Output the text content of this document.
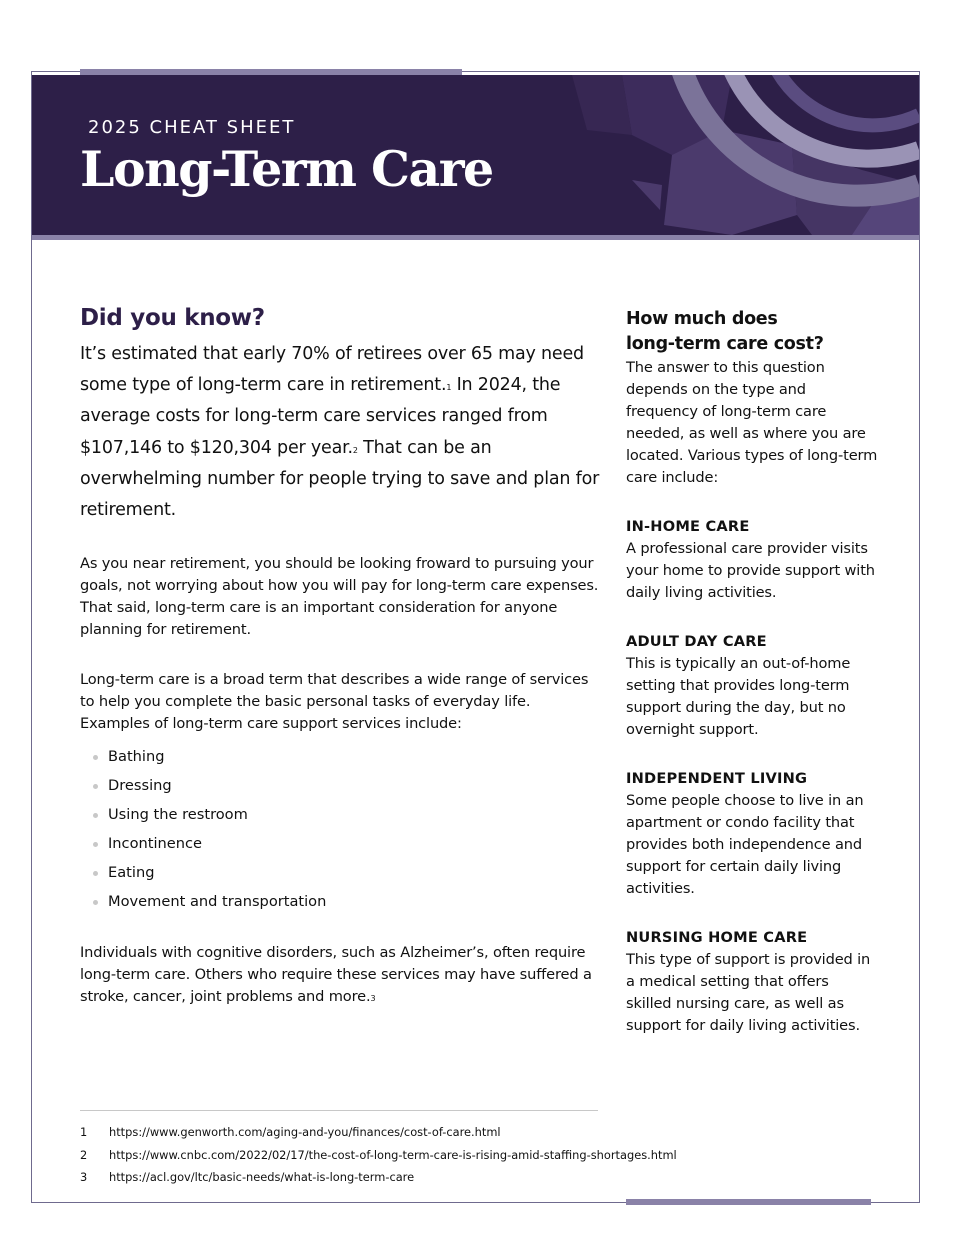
2025 CHEAT SHEET
Long-Term Care
Did you know?

It’s estimated that early 70% of retirees over 65 may need some type of long-term care in retirement.$^1$ In 2024, the average costs for long-term care services ranged from $107,146 to $120,304 per year.$^2$ That can be an overwhelming number for people trying to save and plan for retirement.

As you near retirement, you should be looking froward to pursuing your goals, not worrying about how you will pay for long-term care expenses. That said, long-term care is an important consideration for anyone planning for retirement.

Long-term care is a broad term that describes a wide range of services to help you complete the basic personal tasks of everyday life. Examples of long-term care support services include:

Bathing
Dressing
Using the restroom
Incontinence
Eating
Movement and transportation

Individuals with cognitive disorders, such as Alzheimer’s, often require long-term care. Others who require these services may have suffered a stroke, cancer, joint problems and more.$^3$

How much does
long-term care cost?

The answer to this question depends on the type and frequency of long-term care needed, as well as where you are located. Various types of long-term care include:

IN-HOME CARE

A professional care provider visits your home to provide support with daily living activities.

ADULT DAY CARE

This is typically an out-of-home setting that provides long-term support during the day, but no overnight support.

INDEPENDENT LIVING

Some people choose to live in an apartment or condo facility that provides both independence and support for certain daily living activities.

NURSING HOME CARE

This type of support is provided in a medical setting that offers skilled nursing care, as well as support for daily living activities.

1	https://www.genworth.com/aging-and-you/finances/cost-of-care.html
2	https://www.cnbc.com/2022/02/17/the-cost-of-long-term-care-is-rising-amid-staffing-shortages.html
3	https://acl.gov/ltc/basic-needs/what-is-long-term-care
